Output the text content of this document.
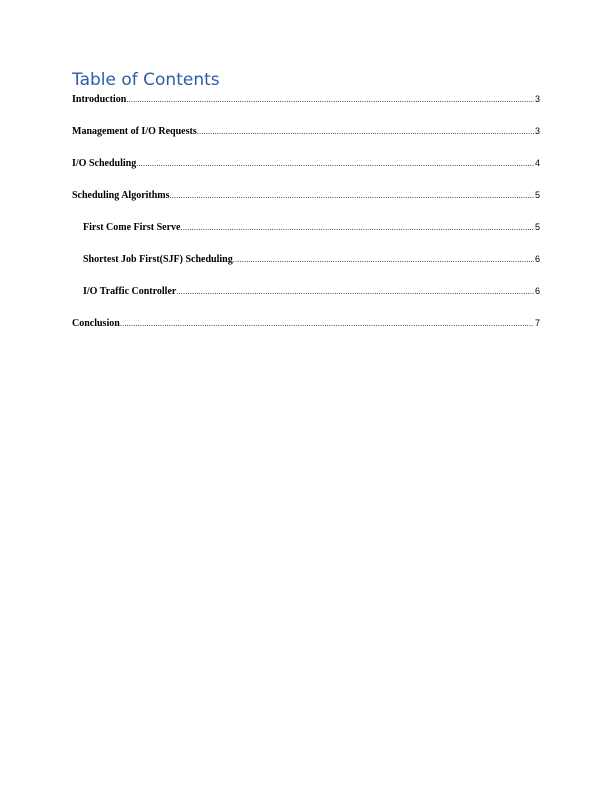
Table of Contents
Introduction .....	3
Management of I/O Requests .....	3
I/O Scheduling .....	4
Scheduling Algorithms .....	5
First Come First Serve .....	5
Shortest Job First(SJF) Scheduling .....	6
I/O Traffic Controller .....	6
Conclusion .....	7
